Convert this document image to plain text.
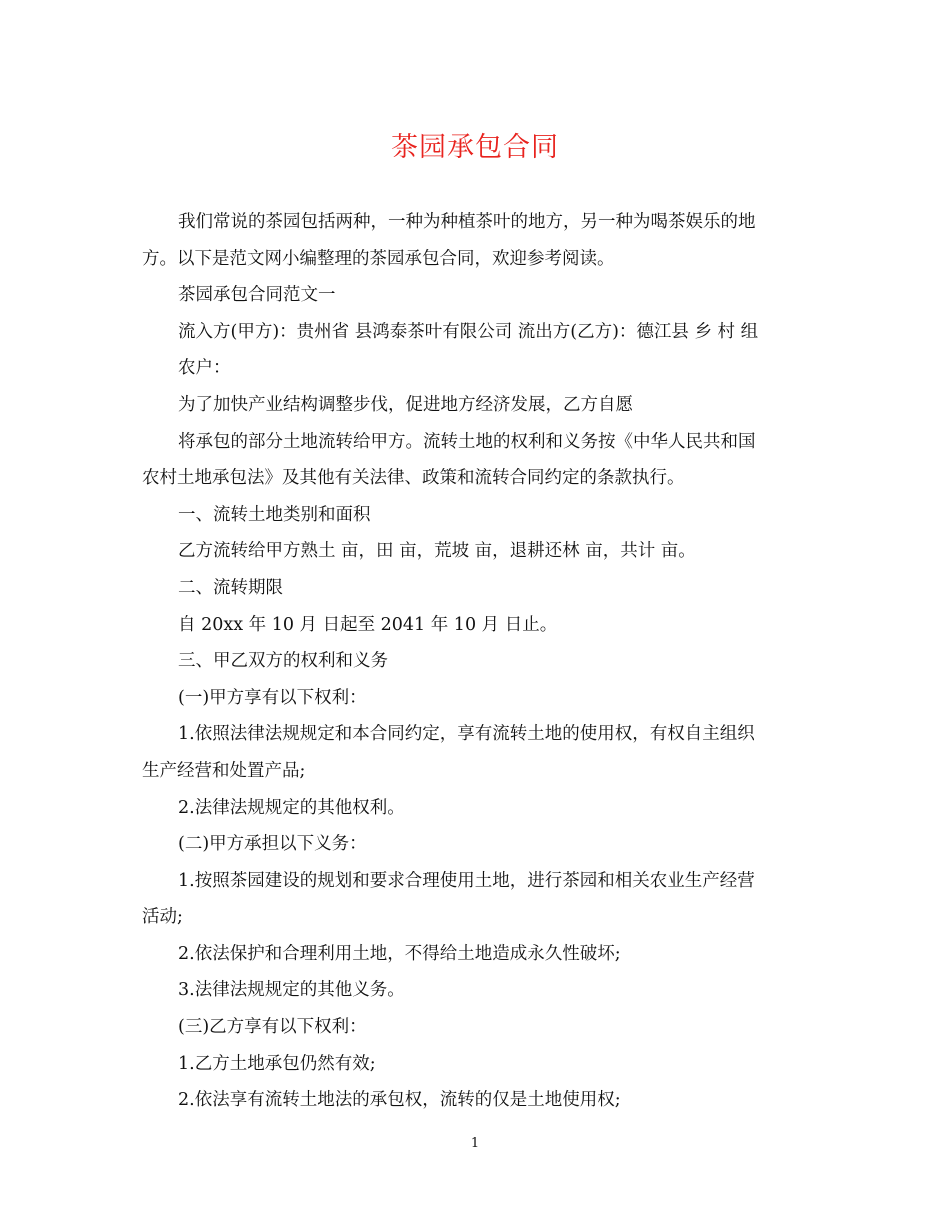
茶园承包合同

我们常说的茶园包括两种，一种为种植茶叶的地方，另一种为喝茶娱乐的地

方。以下是范文网小编整理的茶园承包合同，欢迎参考阅读。

茶园承包合同范文一

流入方(甲方)：贵州省 县鸿泰茶叶有限公司 流出方(乙方)：德江县 乡 村 组

农户：

为了加快产业结构调整步伐，促进地方经济发展，乙方自愿

将承包的部分土地流转给甲方。流转土地的权利和义务按《中华人民共和国

农村土地承包法》及其他有关法律、政策和流转合同约定的条款执行。

一、流转土地类别和面积

乙方流转给甲方熟土 亩，田 亩，荒坡 亩，退耕还林 亩，共计 亩。

二、流转期限

自 20xx 年 10 月 日起至 2041 年 10 月 日止。

三、甲乙双方的权利和义务

(一)甲方享有以下权利：

1.依照法律法规规定和本合同约定，享有流转土地的使用权，有权自主组织

生产经营和处置产品;

2.法律法规规定的其他权利。

(二)甲方承担以下义务：

1.按照茶园建设的规划和要求合理使用土地，进行茶园和相关农业生产经营

活动;

2.依法保护和合理利用土地，不得给土地造成永久性破坏;

3.法律法规规定的其他义务。

(三)乙方享有以下权利：

1.乙方土地承包仍然有效;

2.依法享有流转土地法的承包权，流转的仅是土地使用权;

1
